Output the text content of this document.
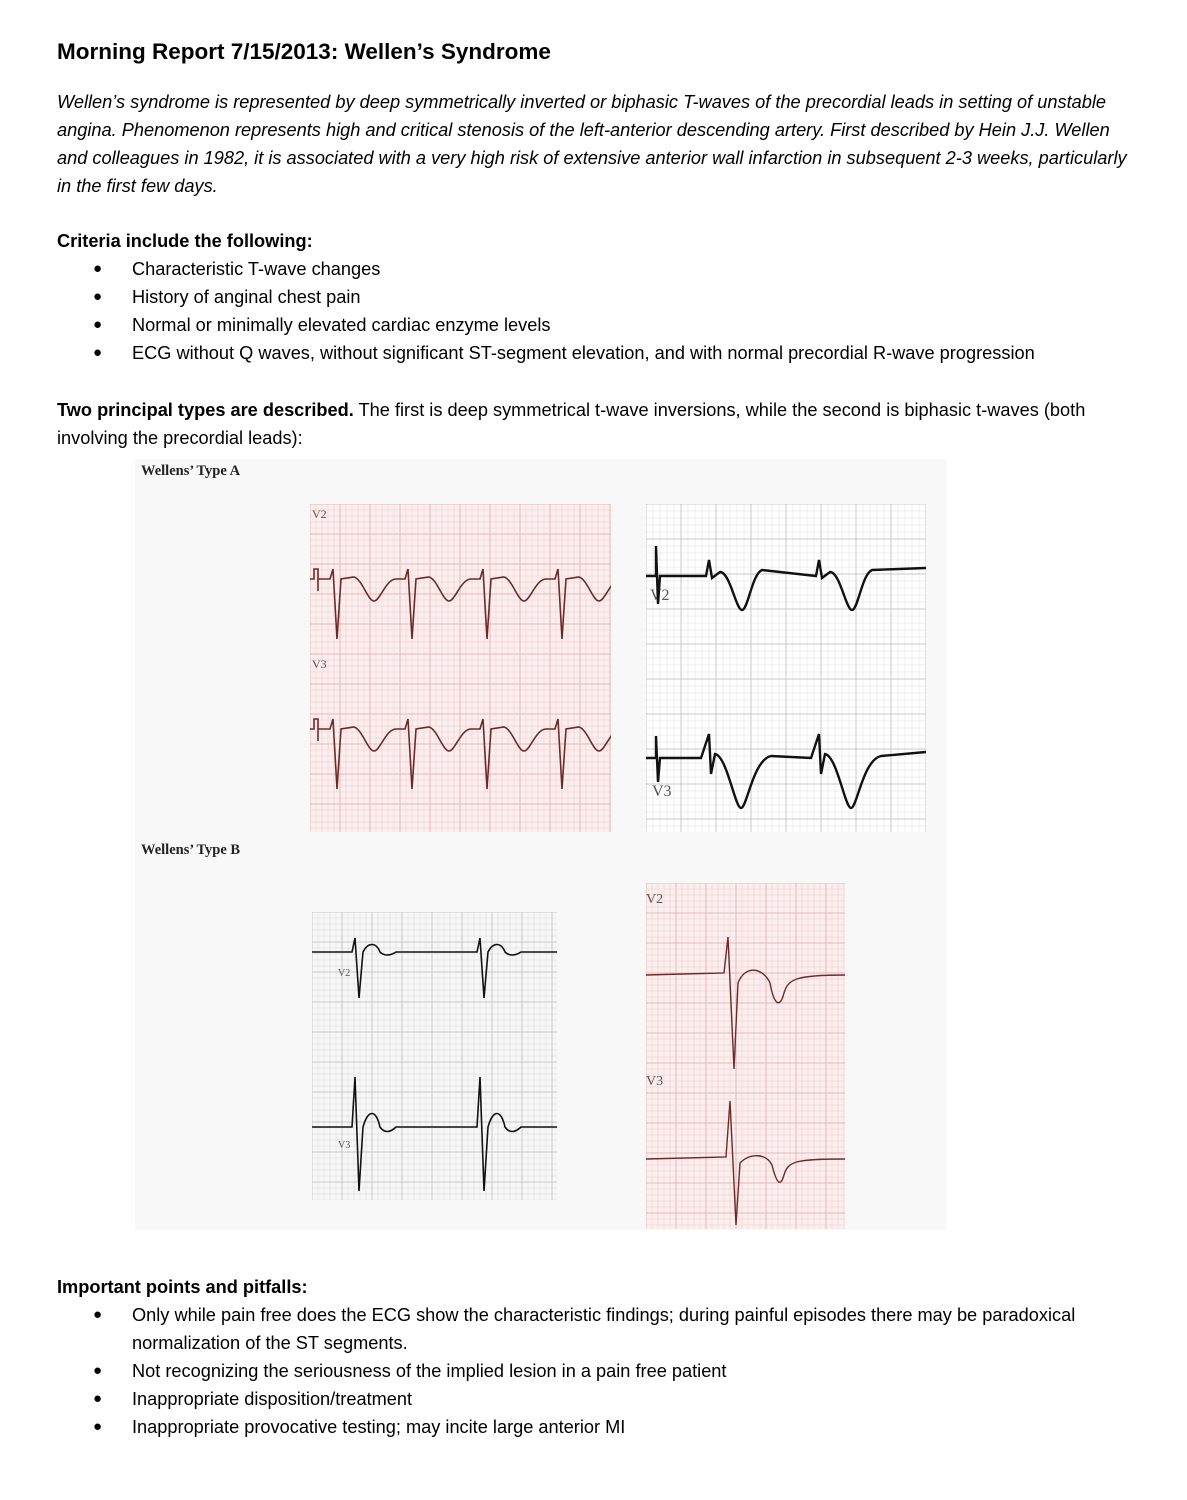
Morning Report 7/15/2013: Wellen’s Syndrome

Wellen’s syndrome is represented by deep symmetrically inverted or biphasic T-waves of the precordial leads in setting of unstable angina. Phenomenon represents high and critical stenosis of the left-anterior descending artery. First described by Hein J.J. Wellen and colleagues in 1982, it is associated with a very high risk of extensive anterior wall infarction in subsequent 2-3 weeks, particularly in the first few days.

Criteria include the following:

● Characteristic T-wave changes
● History of anginal chest pain
● Normal or minimally elevated cardiac enzyme levels
● ECG without Q waves, without significant ST-segment elevation, and with normal precordial R-wave progression

Two principal types are described. The first is deep symmetrical t-wave inversions, while the second is biphasic t-waves (both involving the precordial leads):

Wellens’ Type A
Wellens’ Type B
V2
V3
V2
V3
V2
V3
V2
V3

Important points and pitfalls:

● Only while pain free does the ECG show the characteristic findings; during painful episodes there may be paradoxical normalization of the ST segments.
● Not recognizing the seriousness of the implied lesion in a pain free patient
● Inappropriate disposition/treatment
● Inappropriate provocative testing; may incite large anterior MI
